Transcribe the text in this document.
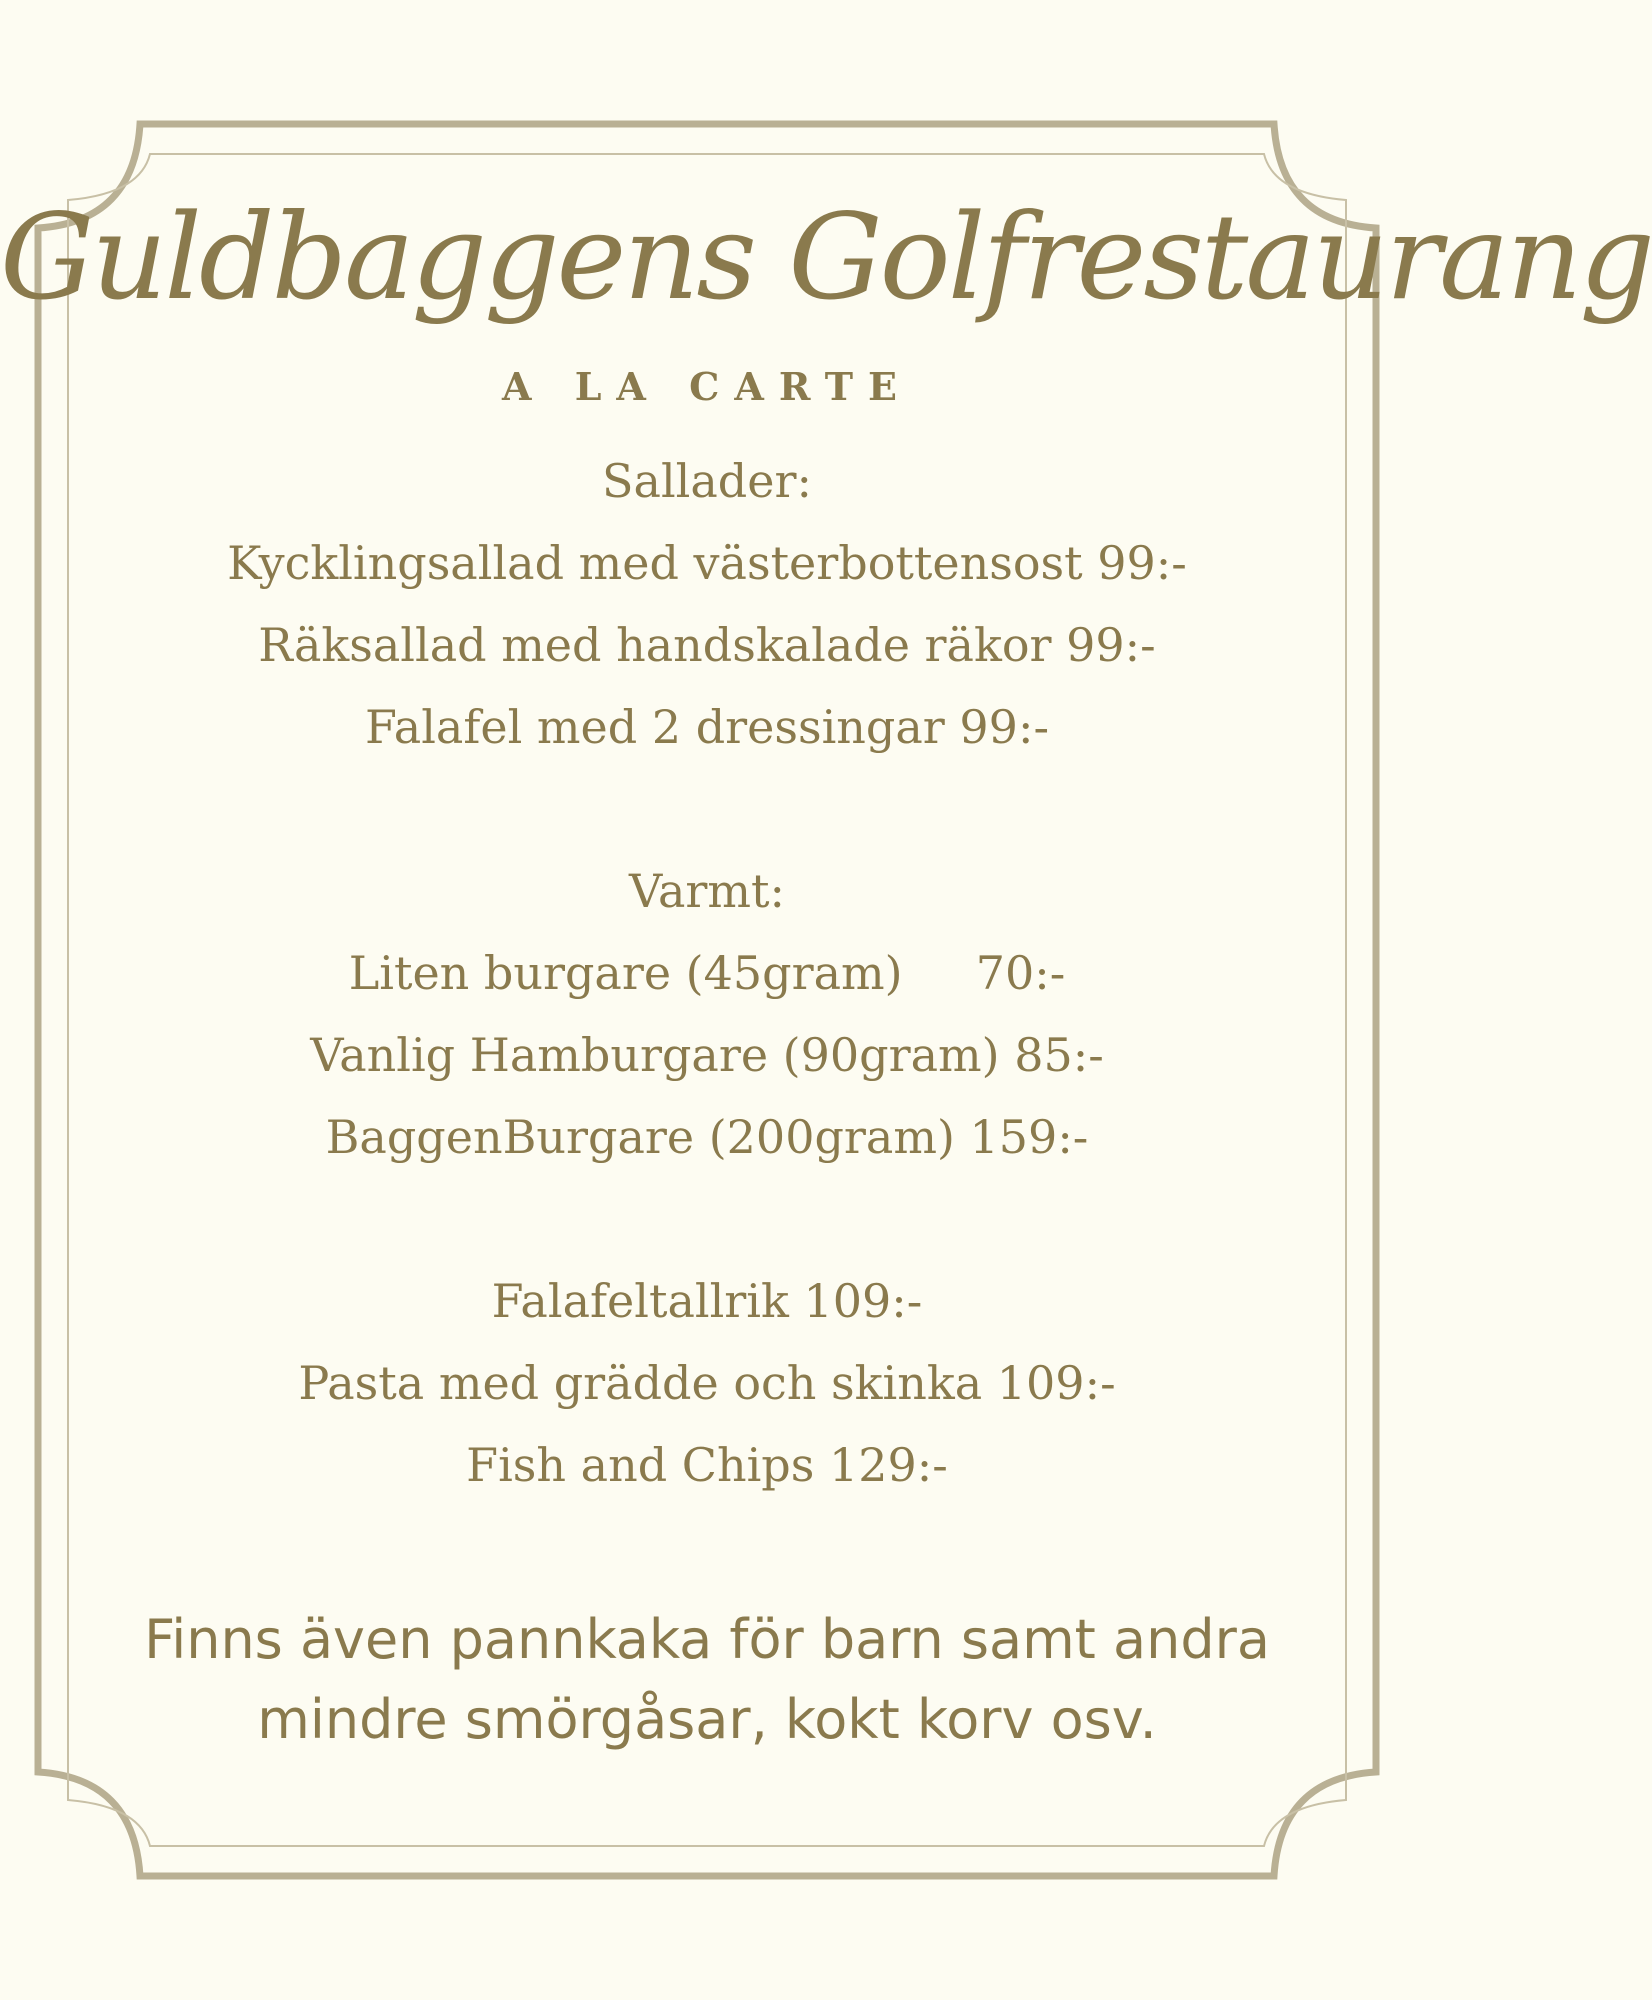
Guldbaggens Golfrestaurang
A LA CARTE
Sallader:
Kycklingsallad med västerbottensost 99:-
Räksallad med handskalade räkor 99:-
Falafel med 2 dressingar 99:-
Varmt:
Liten burgare (45gram)     70:-
Vanlig Hamburgare (90gram) 85:-
BaggenBurgare (200gram) 159:-
Falafeltallrik 109:-
Pasta med grädde och skinka 109:-
Fish and Chips 129:-
Finns även pannkaka för barn samt andra
mindre smörgåsar, kokt korv osv.
